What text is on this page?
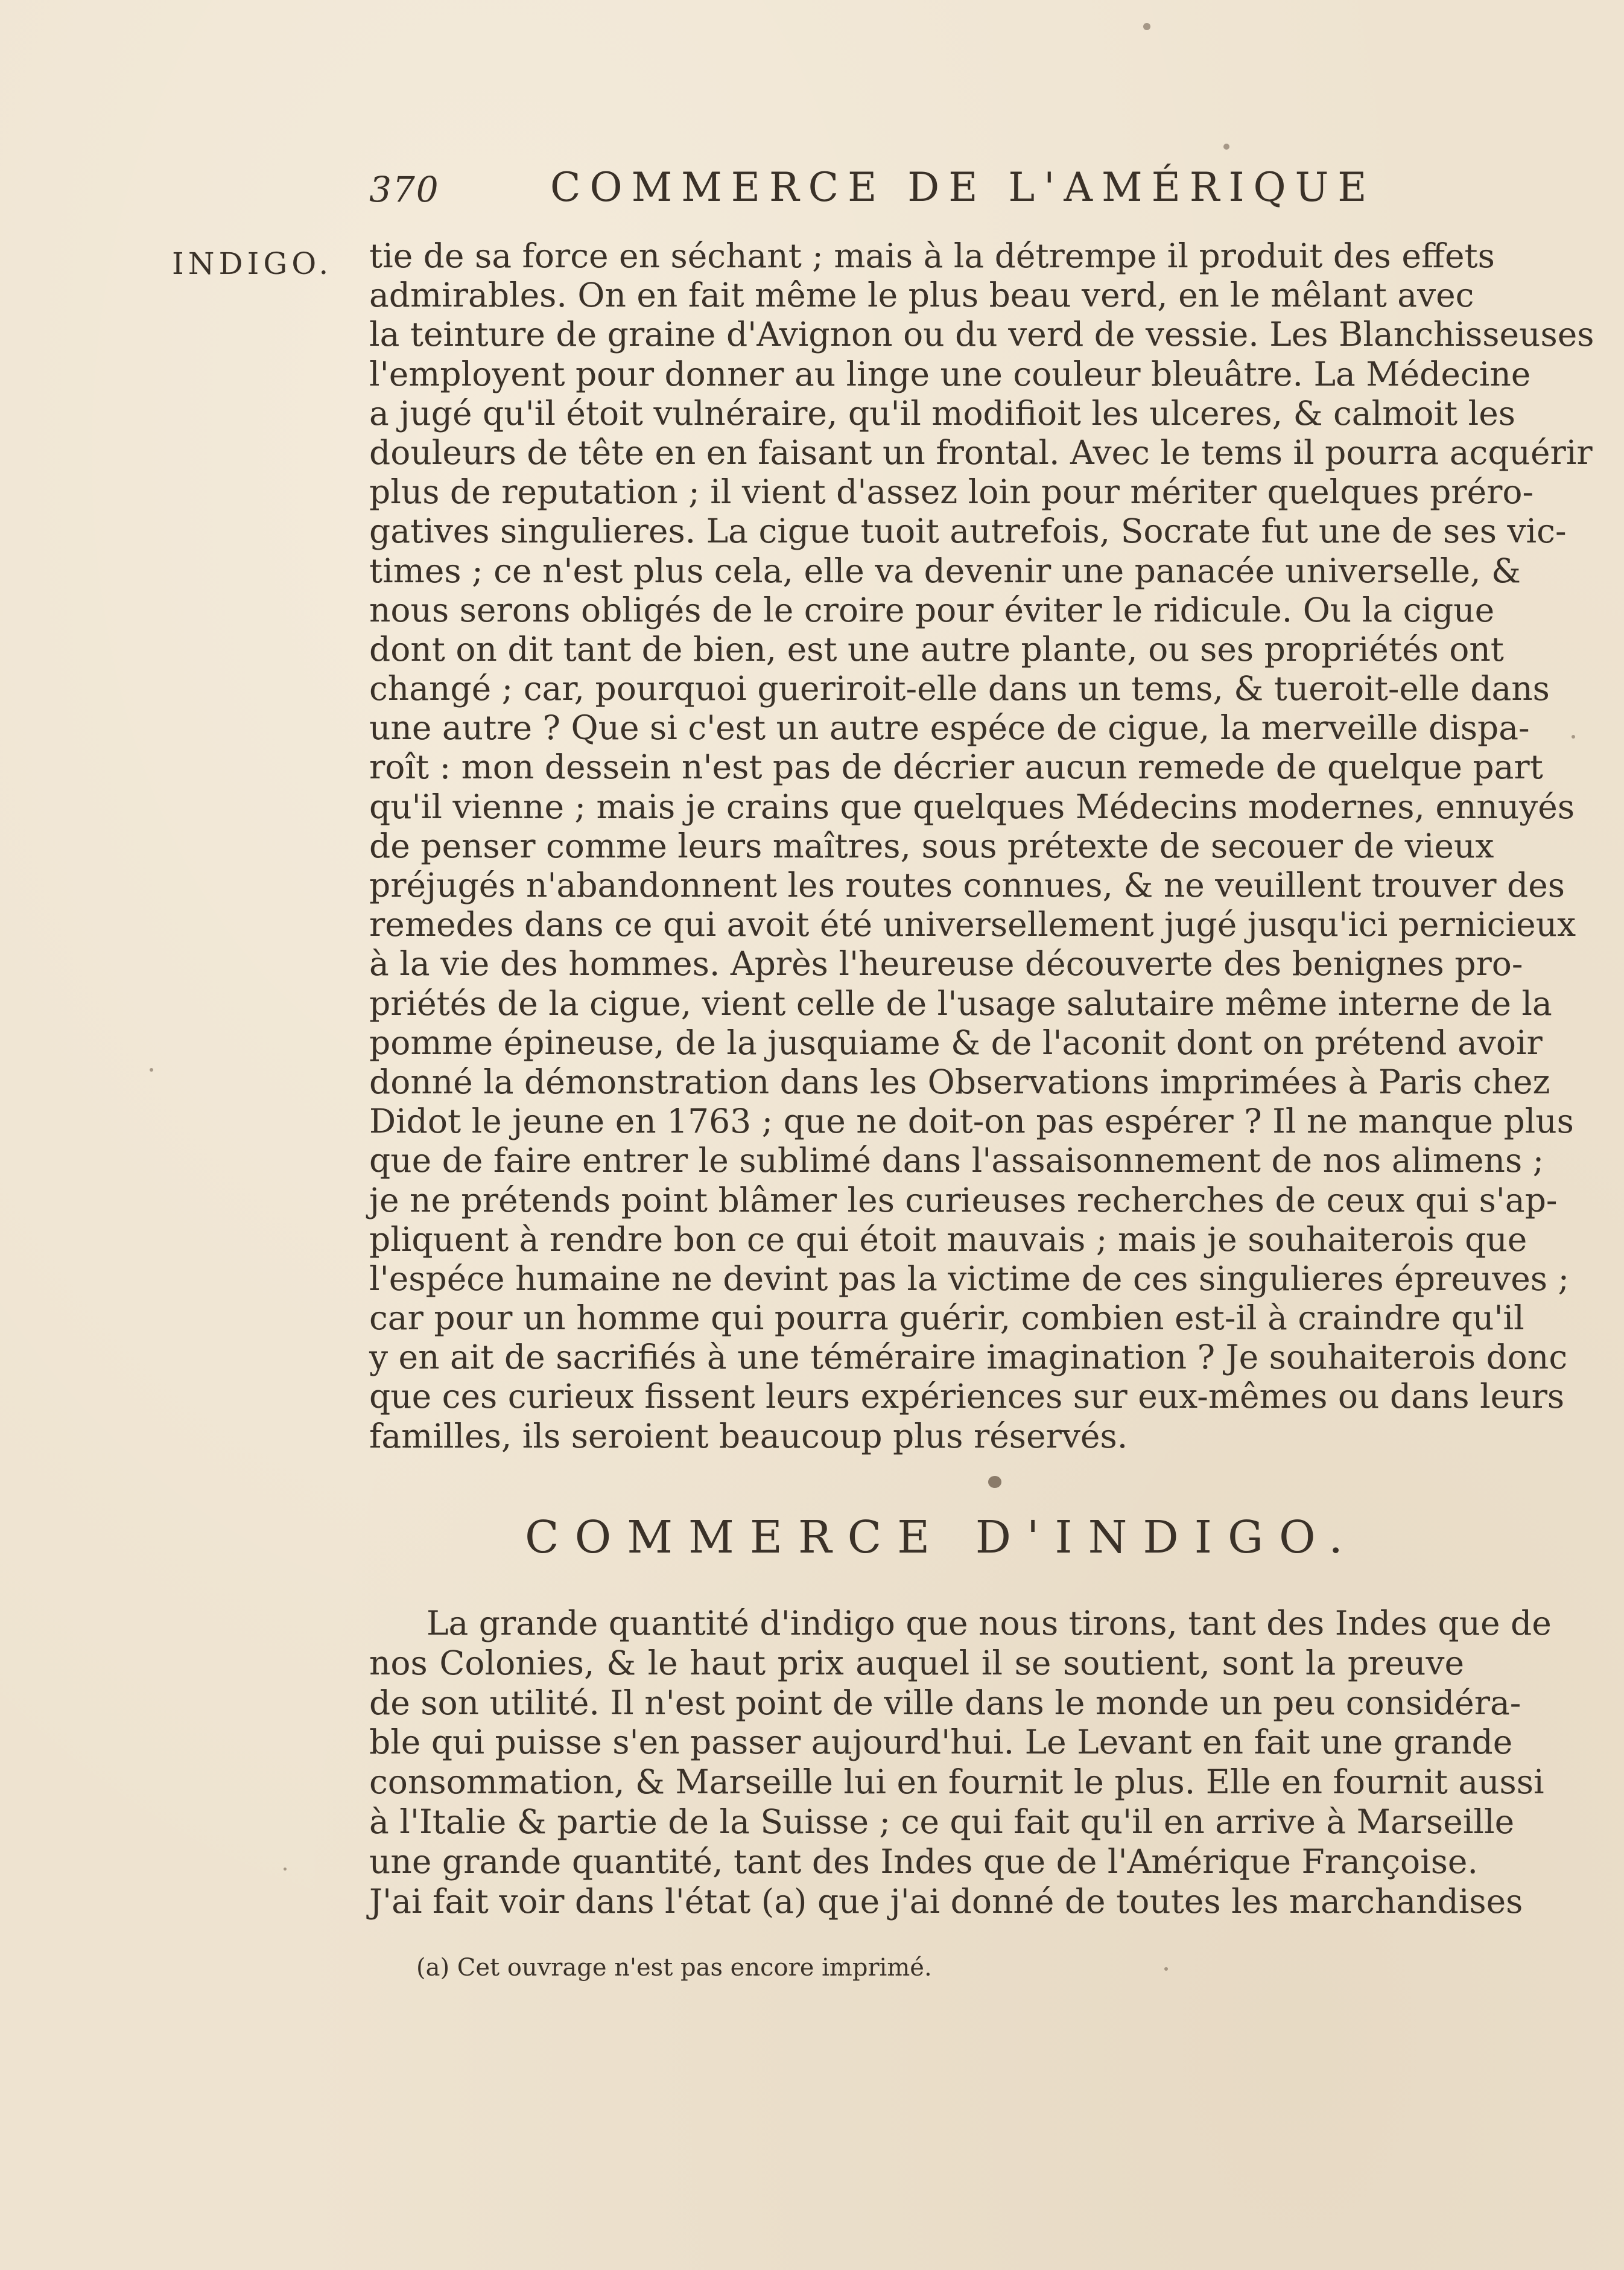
370	COMMERCE DE L'AMÉRIQUE
INDIGO. tie de sa force en séchant ; mais à la détrempe il produit des effets
admirables. On en fait même le plus beau verd, en le mêlant avec
la teinture de graine d'Avignon ou du verd de vessie. Les Blanchisseuses
l'employent pour donner au linge une couleur bleuâtre. La Médecine
a jugé qu'il étoit vulnéraire, qu'il modifioit les ulceres, & calmoit les
douleurs de tête en en faisant un frontal. Avec le tems il pourra acquérir
plus de reputation ; il vient d'assez loin pour mériter quelques préro-
gatives singulieres. La cigue tuoit autrefois, Socrate fut une de ses vic-
times ; ce n'est plus cela, elle va devenir une panacée universelle, &
nous serons obligés de le croire pour éviter le ridicule. Ou la cigue
dont on dit tant de bien, est une autre plante, ou ses propriétés ont
changé ; car, pourquoi gueriroit-elle dans un tems, & tueroit-elle dans
une autre ? Que si c'est un autre espéce de cigue, la merveille dispa-
roît : mon dessein n'est pas de décrier aucun remede de quelque part
qu'il vienne ; mais je crains que quelques Médecins modernes, ennuyés
de penser comme leurs maîtres, sous prétexte de secouer de vieux
préjugés n'abandonnent les routes connues, & ne veuillent trouver des
remedes dans ce qui avoit été universellement jugé jusqu'ici pernicieux
à la vie des hommes. Après l'heureuse découverte des benignes pro-
priétés de la cigue, vient celle de l'usage salutaire même interne de la
pomme épineuse, de la jusquiame & de l'aconit dont on prétend avoir
donné la démonstration dans les Observations imprimées à Paris chez
Didot le jeune en 1763 ; que ne doit-on pas espérer ? Il ne manque plus
que de faire entrer le sublimé dans l'assaisonnement de nos alimens ;
je ne prétends point blâmer les curieuses recherches de ceux qui s'ap-
pliquent à rendre bon ce qui étoit mauvais ; mais je souhaiterois que
l'espéce humaine ne devint pas la victime de ces singulieres épreuves ;
car pour un homme qui pourra guérir, combien est-il à craindre qu'il
y en ait de sacrifiés à une téméraire imagination ? Je souhaiterois donc
que ces curieux fissent leurs expériences sur eux-mêmes ou dans leurs
familles, ils seroient beaucoup plus réservés.
COMMERCE D'INDIGO.
La grande quantité d'indigo que nous tirons, tant des Indes que de
nos Colonies, & le haut prix auquel il se soutient, sont la preuve
de son utilité. Il n'est point de ville dans le monde un peu considéra-
ble qui puisse s'en passer aujourd'hui. Le Levant en fait une grande
consommation, & Marseille lui en fournit le plus. Elle en fournit aussi
à l'Italie & partie de la Suisse ; ce qui fait qu'il en arrive à Marseille
une grande quantité, tant des Indes que de l'Amérique Françoise.
J'ai fait voir dans l'état (a) que j'ai donné de toutes les marchandises
(a) Cet ouvrage n'est pas encore imprimé.
